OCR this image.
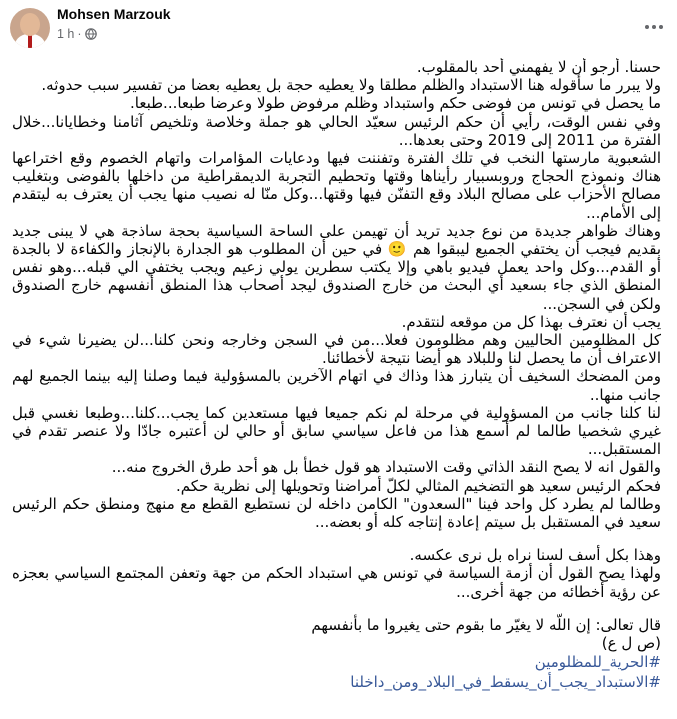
Mohsen Marzouk
1 h ·

حسنا. أرجو أن لا يفهمني أحد بالمقلوب.

ولا يبرر ما سأقوله هنا الاستبداد والظلم مطلقا ولا يعطيه حجة بل يعطيه بعضا من تفسير سبب حدوثه.

ما يحصل في تونس من فوضى حكم واستبداد وظلم مرفوض طولا وعرضا طبعا...طبعا.

وفي نفس الوقت، رأيي أن حكم الرئيس سعيّد الحالي هو جملة وخلاصة وتلخيص آثامنا وخطايانا...خلال الفترة من 2011 إلى 2019 وحتى بعدها...

الشعبوية مارستها النخب في تلك الفترة وتفننت فيها ودعايات المؤامرات واتهام الخصوم وقع اختراعها هناك ونموذج الحجاج وروبسبيار رأيناها وقتها وتحطيم التجربة الديمقراطية من داخلها بالفوضى وبتغليب مصالح الأحزاب على مصالح البلاد وقع التفنّن فيها وقتها...وكل منّا له نصيب منها يجب أن يعترف به ليتقدم إلى الأمام...

وهناك ظواهر جديدة من نوع جديد تريد أن تهيمن على الساحة السياسية بحجة ساذجة هي لا يبنى جديد بقديم فيجب أن يختفي الجميع ليبقوا هم 🙂 في حين أن المطلوب هو الجدارة بالإنجاز والكفاءة لا بالجدة أو القدم...وكل واحد يعمل فيديو باهي وإلا يكتب سطرين يولي زعيم ويجب يختفي الي قبله...وهو نفس المنطق الذي جاء بسعيد أي البحث من خارج الصندوق ليجد أصحاب هذا المنطق أنفسهم خارج الصندوق ولكن في السجن...

يجب أن نعترف بهذا كل من موقعه لنتقدم.

كل المظلومين الحاليين وهم مظلومون فعلا...من في السجن وخارجه ونحن كلنا...لن يضيرنا شيء في الاعتراف أن ما يحصل لنا وللبلاد هو أيضا نتيجة لأخطائنا.

ومن المضحك السخيف أن يتبارز هذا وذاك في اتهام الآخرين بالمسؤولية فيما وصلنا إليه بينما الجميع لهم جانب منها..

لنا كلنا جانب من المسؤولية في مرحلة لم نكم جميعا فيها مستعدين كما يجب...كلنا...وطبعا نغسي قبل غيري شخصيا طالما لم أسمع هذا من فاعل سياسي سابق أو حالي لن أعتبره جادّا ولا عنصر تقدم في المستقبل...

والقول انه لا يصح النقد الذاتي وقت الاستبداد هو قول خطأ بل هو أحد طرق الخروج منه...

فحكم الرئيس سعيد هو التضخيم المثالي لكلّ أمراضنا وتحويلها إلى نظرية حكم.

وطالما لم يطرد كل واحد فينا "السعدون" الكامن داخله لن نستطيع القطع مع منهج ومنطق حكم الرئيس سعيد في المستقبل بل سيتم إعادة إنتاجه كله أو بعضه...

وهذا بكل أسف لسنا نراه بل نرى عكسه.

ولهذا يصح القول أن أزمة السياسة في تونس هي استبداد الحكم من جهة وتعفن المجتمع السياسي بعجزه عن رؤية أخطائه من جهة أخرى...

قال تعالى: إن اللّه لا يغيّر ما بقوم حتى يغيروا ما بأنفسهم

(ص ل ع)

#الحرية_للمظلومين
#الاستبداد_يجب_أن_يسقط_في_البلاد_ومن_داخلنا
